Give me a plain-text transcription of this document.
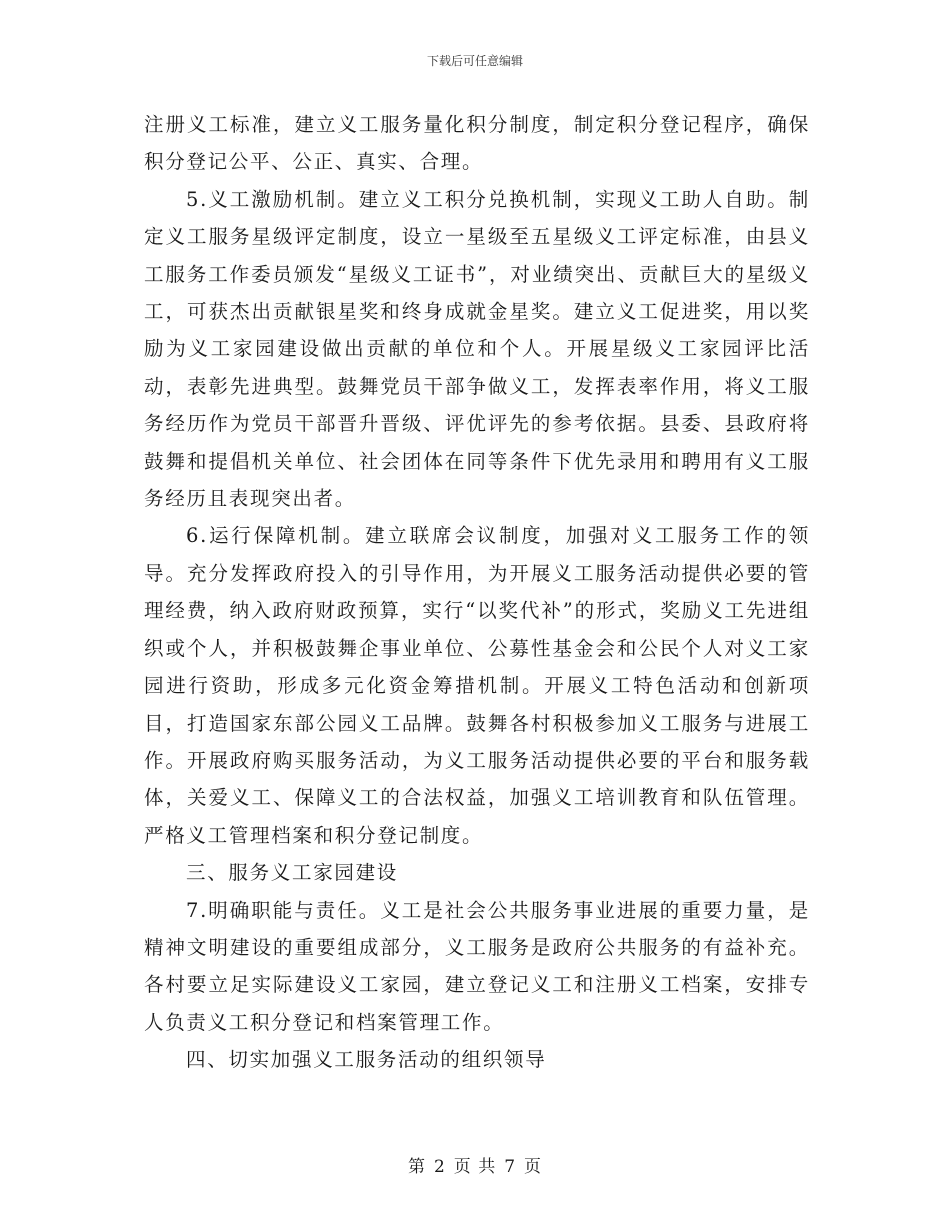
下载后可任意编辑

注册义工标准，建立义工服务量化积分制度，制定积分登记程序，确保积分登记公平、公正、真实、合理。

5.义工激励机制。建立义工积分兑换机制，实现义工助人自助。制定义工服务星级评定制度，设立一星级至五星级义工评定标准，由县义工服务工作委员颁发“星级义工证书”，对业绩突出、贡献巨大的星级义工，可获杰出贡献银星奖和终身成就金星奖。建立义工促进奖，用以奖励为义工家园建设做出贡献的单位和个人。开展星级义工家园评比活动，表彰先进典型。鼓舞党员干部争做义工，发挥表率作用，将义工服务经历作为党员干部晋升晋级、评优评先的参考依据。县委、县政府将鼓舞和提倡机关单位、社会团体在同等条件下优先录用和聘用有义工服务经历且表现突出者。

6.运行保障机制。建立联席会议制度，加强对义工服务工作的领导。充分发挥政府投入的引导作用，为开展义工服务活动提供必要的管理经费，纳入政府财政预算，实行“以奖代补”的形式，奖励义工先进组织或个人，并积极鼓舞企事业单位、公募性基金会和公民个人对义工家园进行资助，形成多元化资金筹措机制。开展义工特色活动和创新项目，打造国家东部公园义工品牌。鼓舞各村积极参加义工服务与进展工作。开展政府购买服务活动，为义工服务活动提供必要的平台和服务载体，关爱义工、保障义工的合法权益，加强义工培训教育和队伍管理。严格义工管理档案和积分登记制度。

三、服务义工家园建设

7.明确职能与责任。义工是社会公共服务事业进展的重要力量，是精神文明建设的重要组成部分，义工服务是政府公共服务的有益补充。各村要立足实际建设义工家园，建立登记义工和注册义工档案，安排专人负责义工积分登记和档案管理工作。

四、切实加强义工服务活动的组织领导

第 2 页 共 7 页
